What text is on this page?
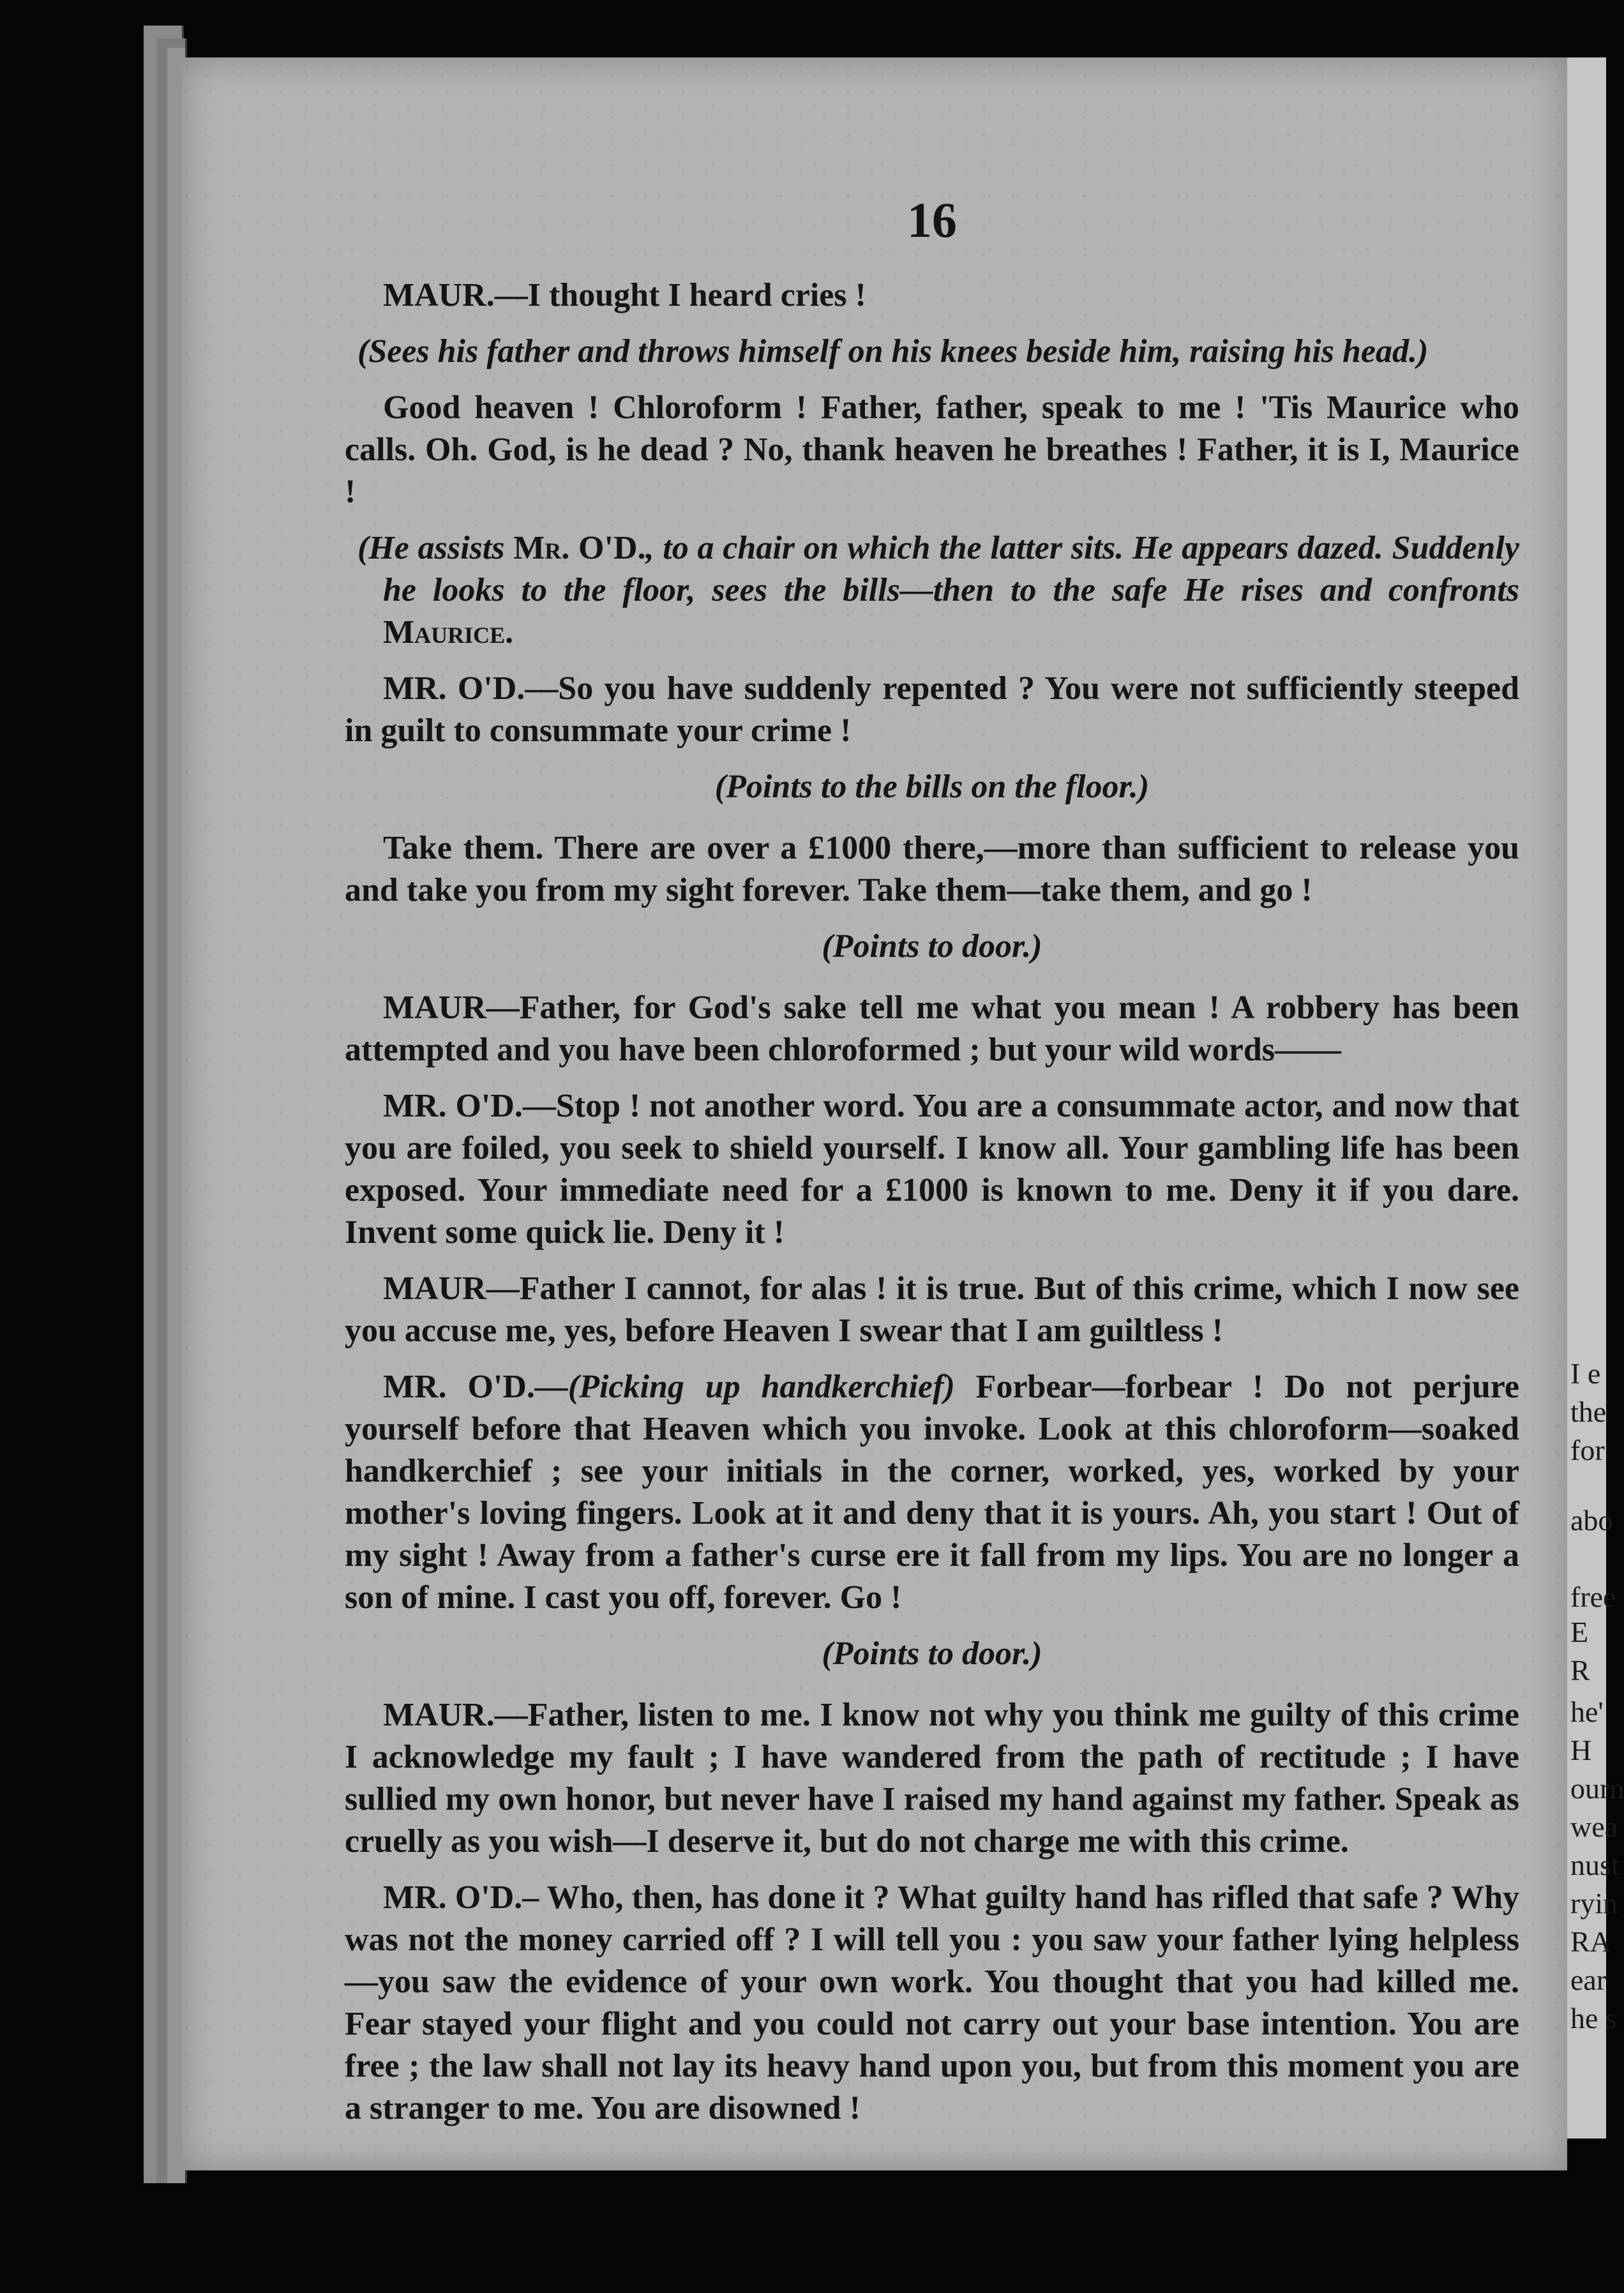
I e
the
for
abo
free
E
R
he'
H
ourn
wea
nust
ryin
RA
ear
he s
16

MAUR.—I thought I heard cries !

(Sees his father and throws himself on his knees beside him, raising his head.)

Good heaven ! Chloroform ! Father, father, speak to me ! 'Tis Maurice who calls. Oh. God, is he dead ? No, thank heaven he breathes ! Father, it is I, Maurice !

(He assists Mr. O'D., to a chair on which the latter sits. He appears dazed. Suddenly he looks to the floor, sees the bills—then to the safe He rises and confronts Maurice.

MR. O'D.—So you have suddenly repented ? You were not sufficiently steeped in guilt to consummate your crime !

(Points to the bills on the floor.)

Take them. There are over a £1000 there,—more than sufficient to release you and take you from my sight forever. Take them—take them, and go !

(Points to door.)

MAUR—Father, for God's sake tell me what you mean ! A robbery has been attempted and you have been chloroformed ; but your wild words——

MR. O'D.—Stop ! not another word. You are a consummate actor, and now that you are foiled, you seek to shield yourself. I know all. Your gambling life has been exposed. Your immediate need for a £1000 is known to me. Deny it if you dare. Invent some quick lie. Deny it !

MAUR—Father I cannot, for alas ! it is true. But of this crime, which I now see you accuse me, yes, before Heaven I swear that I am guiltless !

MR. O'D.—(Picking up handkerchief) Forbear—forbear ! Do not perjure yourself before that Heaven which you invoke. Look at this chloroform—soaked handkerchief ; see your initials in the corner, worked, yes, worked by your mother's loving fingers. Look at it and deny that it is yours. Ah, you start ! Out of my sight ! Away from a father's curse ere it fall from my lips. You are no longer a son of mine. I cast you off, forever. Go !

(Points to door.)

MAUR.—Father, listen to me. I know not why you think me guilty of this crime I acknowledge my fault ; I have wandered from the path of rectitude ; I have sullied my own honor, but never have I raised my hand against my father. Speak as cruelly as you wish—I deserve it, but do not charge me with this crime.

MR. O'D.– Who, then, has done it ? What guilty hand has rifled that safe ? Why was not the money carried off ? I will tell you : you saw your father lying helpless—you saw the evidence of your own work. You thought that you had killed me. Fear stayed your flight and you could not carry out your base intention. You are free ; the law shall not lay its heavy hand upon you, but from this moment you are a stranger to me. You are disowned !
